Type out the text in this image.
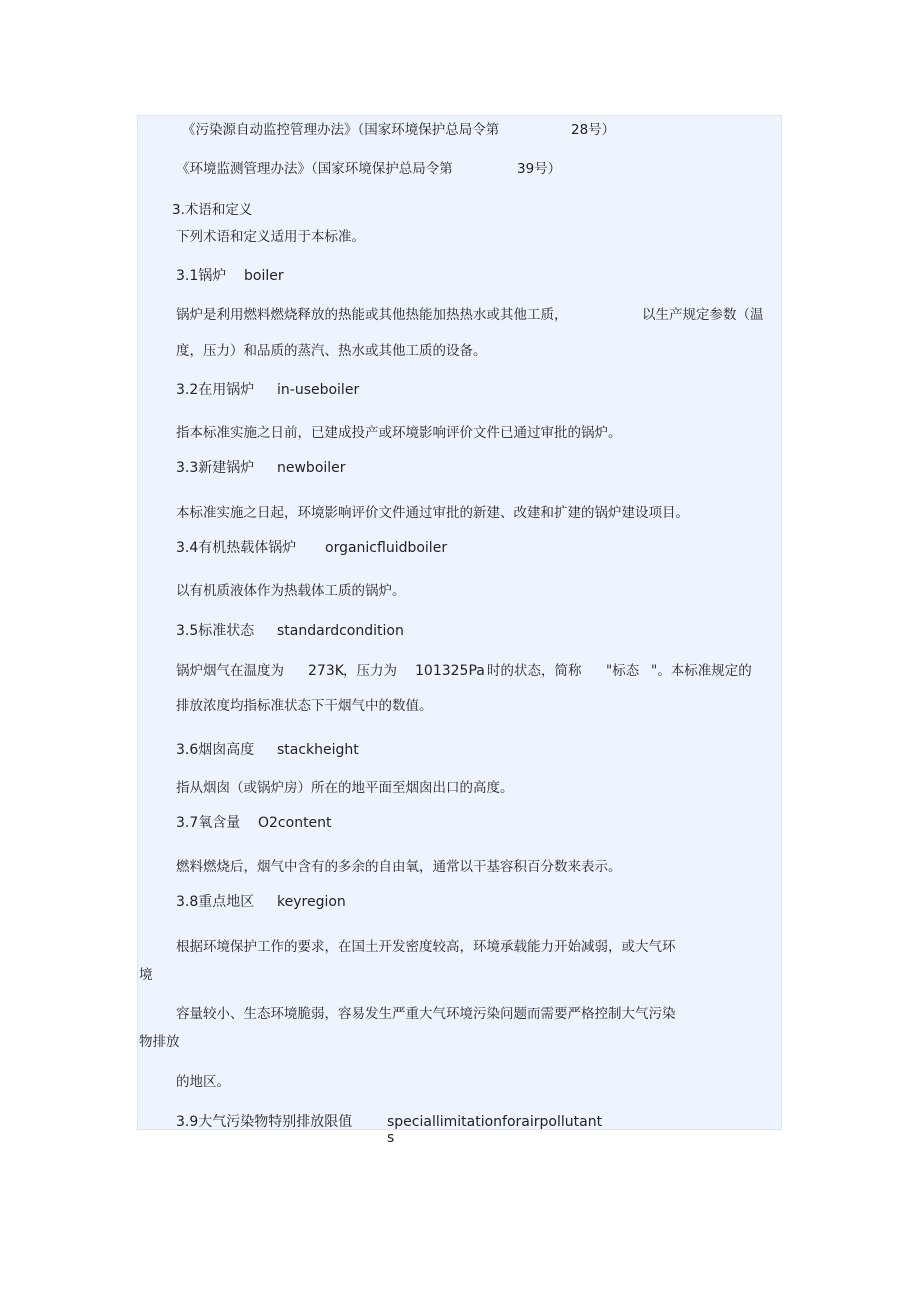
《污染源自动监控管理办法》（国家环境保护总局令第	28号）
《环境监测管理办法》（国家环境保护总局令第	39号）
3.术语和定义
下列术语和定义适用于本标准。
3.1锅炉 boiler
锅炉是利用燃料燃烧释放的热能或其他热能加热热水或其他工质，	以生产规定参数（温
度，压力）和品质的蒸汽、热水或其他工质的设备。
3.2在用锅炉 in-useboiler
指本标准实施之日前，已建成投产或环境影响评价文件已通过审批的锅炉。
3.3新建锅炉 newboiler
本标准实施之日起，环境影响评价文件通过审批的新建、改建和扩建的锅炉建设项目。
3.4有机热载体锅炉 organicfluidboiler
以有机质液体作为热载体工质的锅炉。
3.5标准状态 standardcondition
锅炉烟气在温度为 273K ，压力为 101325Pa 时的状态，简称 "标态 "。本标准规定的
排放浓度均指标准状态下干烟气中的数值。
3.6烟囱高度 stackheight
指从烟囱（或锅炉房）所在的地平面至烟囱出口的高度。
3.7氧含量 O2content
燃料燃烧后，烟气中含有的多余的自由氧，通常以干基容积百分数来表示。
3.8重点地区 keyregion
根据环境保护工作的要求，在国土开发密度较高，环境承载能力开始减弱，或大气环
境
容量较小、生态环境脆弱，容易发生严重大气环境污染问题而需要严格控制大气污染
物排放
的地区。
3.9大气污染物特别排放限值 speciallimitationforairpollutant
s
